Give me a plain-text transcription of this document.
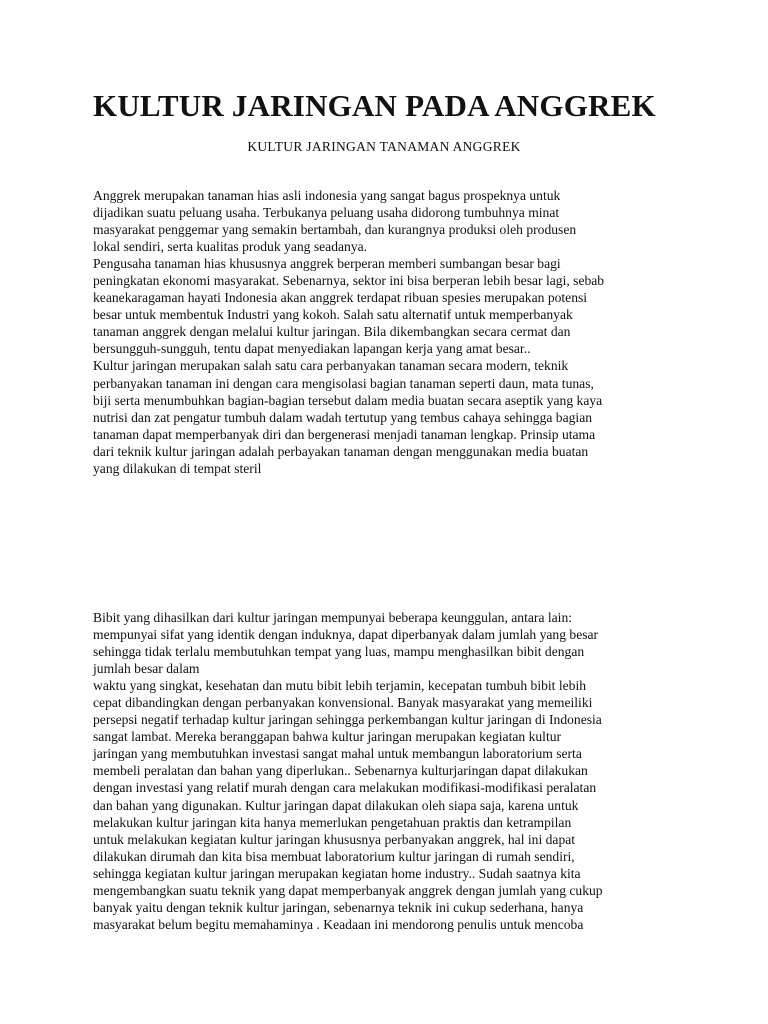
KULTUR JARINGAN PADA ANGGREK
KULTUR JARINGAN TANAMAN ANGGREK
Anggrek merupakan tanaman hias asli indonesia yang sangat bagus prospeknya untuk
dijadikan suatu peluang usaha. Terbukanya peluang usaha didorong tumbuhnya minat
masyarakat penggemar yang semakin bertambah, dan kurangnya produksi oleh produsen
lokal sendiri, serta kualitas produk yang seadanya.
Pengusaha tanaman hias khususnya anggrek berperan memberi sumbangan besar bagi
peningkatan ekonomi masyarakat. Sebenarnya, sektor ini bisa berperan lebih besar lagi, sebab
keanekaragaman hayati Indonesia akan anggrek terdapat ribuan spesies merupakan potensi
besar untuk membentuk Industri yang kokoh. Salah satu alternatif untuk memperbanyak
tanaman anggrek dengan melalui kultur jaringan. Bila dikembangkan secara cermat dan
bersungguh-sungguh, tentu dapat menyediakan lapangan kerja yang amat besar..
Kultur jaringan merupakan salah satu cara perbanyakan tanaman secara modern, teknik
perbanyakan tanaman ini dengan cara mengisolasi bagian tanaman seperti daun, mata tunas,
biji serta menumbuhkan bagian-bagian tersebut dalam media buatan secara aseptik yang kaya
nutrisi dan zat pengatur tumbuh dalam wadah tertutup yang tembus cahaya sehingga bagian
tanaman dapat memperbanyak diri dan bergenerasi menjadi tanaman lengkap. Prinsip utama
dari teknik kultur jaringan adalah perbayakan tanaman dengan menggunakan media buatan
yang dilakukan di tempat steril
Bibit yang dihasilkan dari kultur jaringan mempunyai beberapa keunggulan, antara lain:
mempunyai sifat yang identik dengan induknya, dapat diperbanyak dalam jumlah yang besar
sehingga tidak terlalu membutuhkan tempat yang luas, mampu menghasilkan bibit dengan
jumlah besar dalam
waktu yang singkat, kesehatan dan mutu bibit lebih terjamin, kecepatan tumbuh bibit lebih
cepat dibandingkan dengan perbanyakan konvensional. Banyak masyarakat yang memeiliki
persepsi negatif terhadap kultur jaringan sehingga perkembangan kultur jaringan di Indonesia
sangat lambat. Mereka beranggapan bahwa kultur jaringan merupakan kegiatan kultur
jaringan yang membutuhkan investasi sangat mahal untuk membangun laboratorium serta
membeli peralatan dan bahan yang diperlukan.. Sebenarnya kulturjaringan dapat dilakukan
dengan investasi yang relatif murah dengan cara melakukan modifikasi-modifikasi peralatan
dan bahan yang digunakan. Kultur jaringan dapat dilakukan oleh siapa saja, karena untuk
melakukan kultur jaringan kita hanya memerlukan pengetahuan praktis dan ketrampilan
untuk melakukan kegiatan kultur jaringan khususnya perbanyakan anggrek, hal ini dapat
dilakukan dirumah dan kita bisa membuat laboratorium kultur jaringan di rumah sendiri,
sehingga kegiatan kultur jaringan merupakan kegiatan home industry.. Sudah saatnya kita
mengembangkan suatu teknik yang dapat memperbanyak anggrek dengan jumlah yang cukup
banyak yaitu dengan teknik kultur jaringan, sebenarnya teknik ini cukup sederhana, hanya
masyarakat belum begitu memahaminya . Keadaan ini mendorong penulis untuk mencoba
